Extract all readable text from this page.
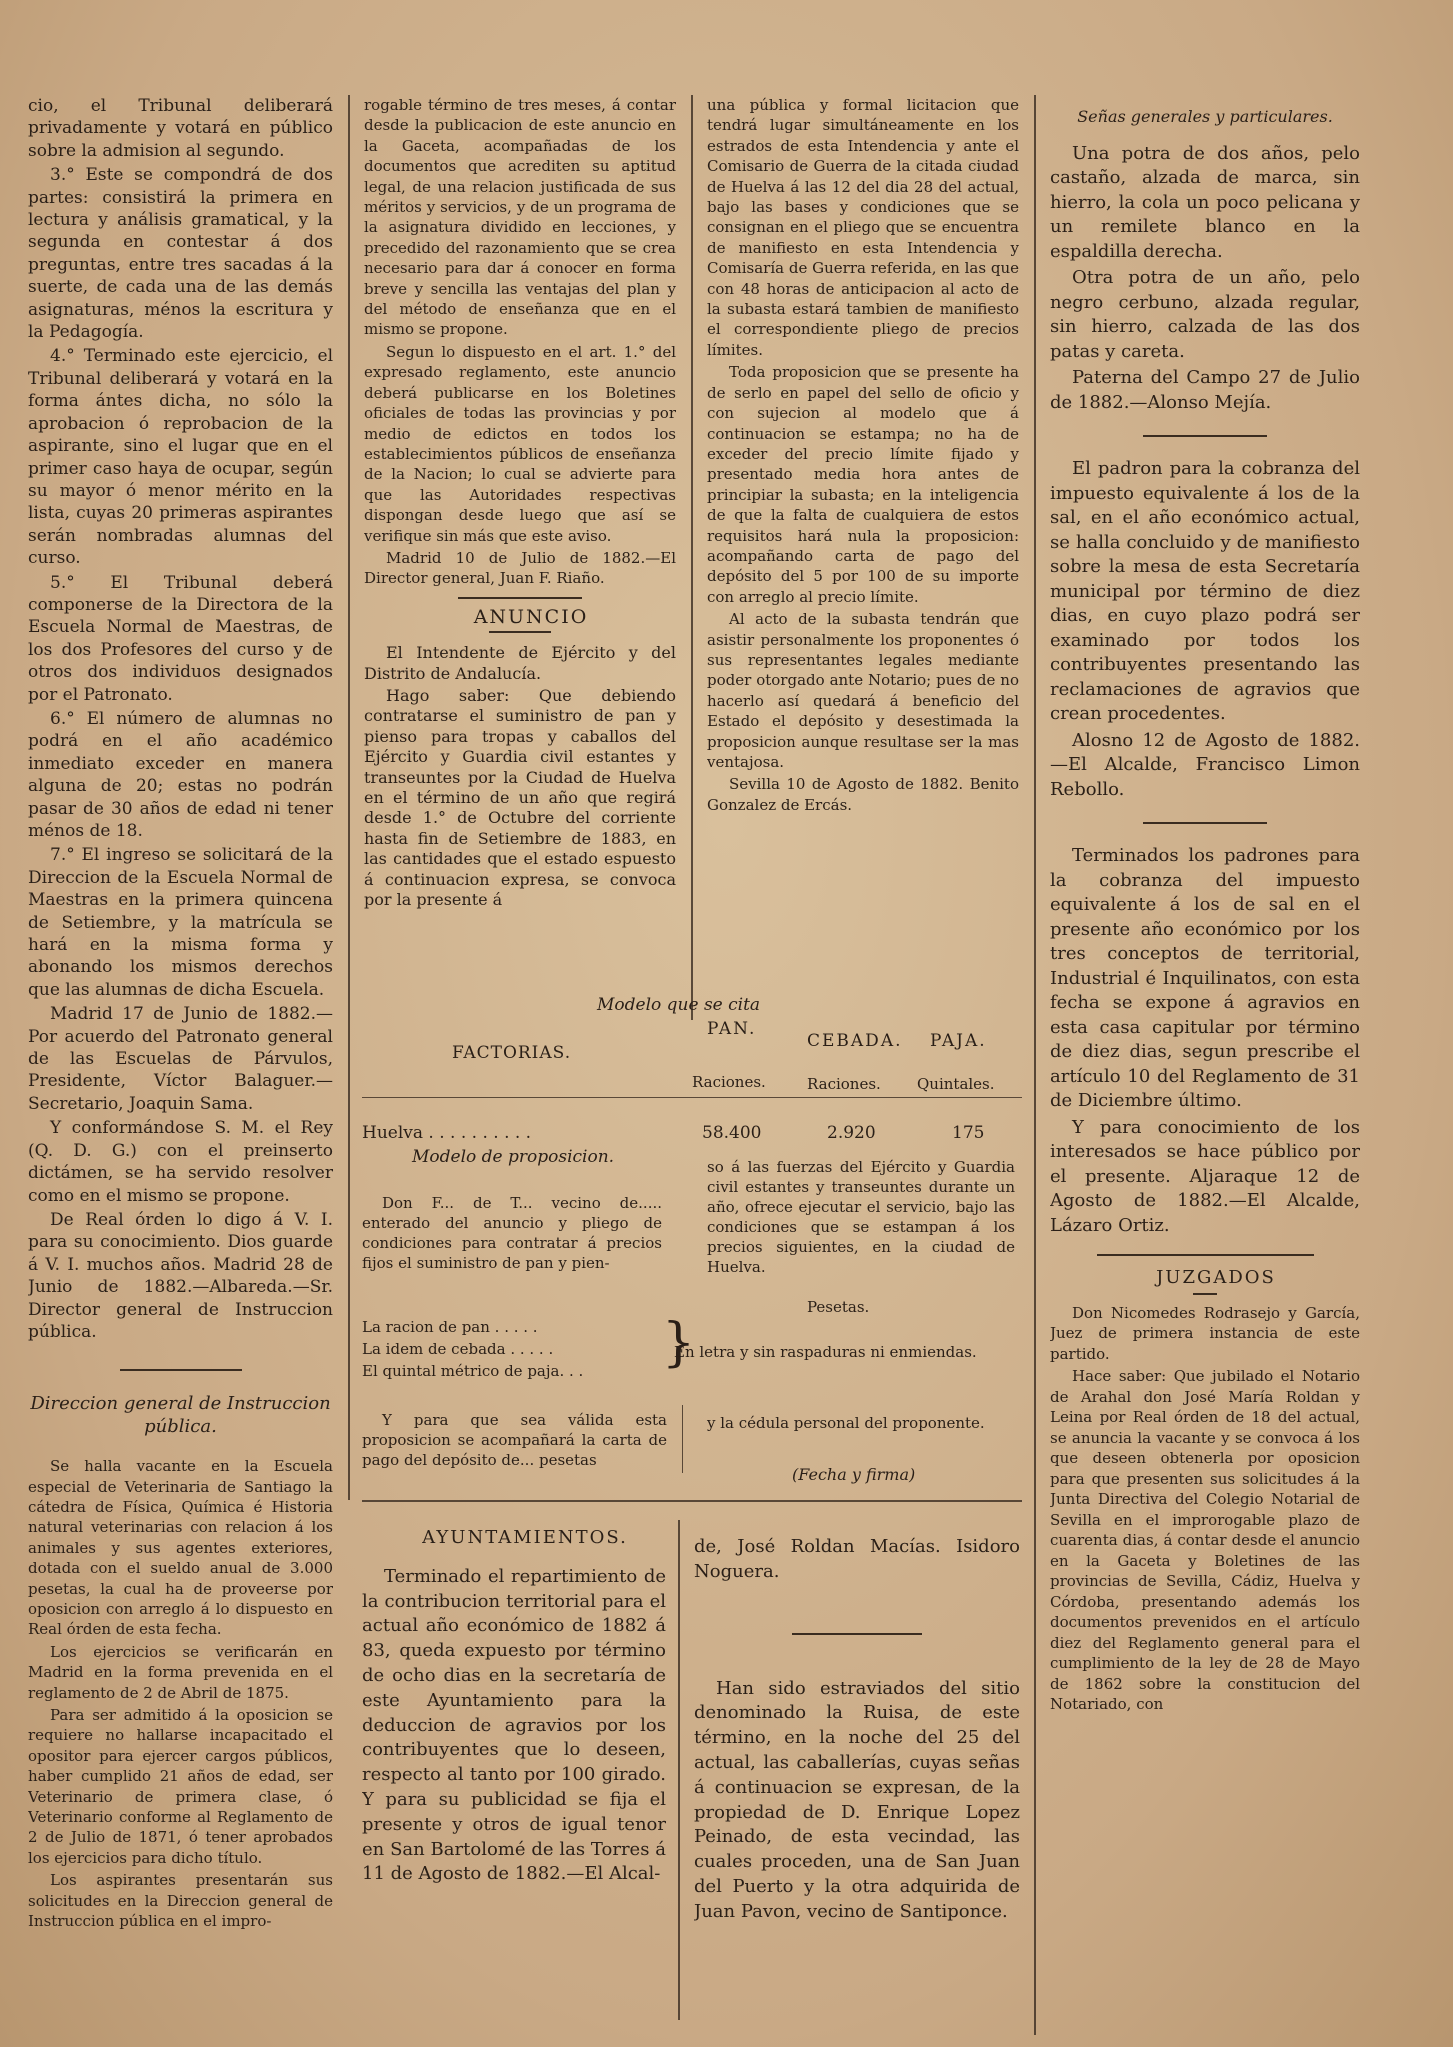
cio, el Tribunal deliberará privadamente y votará en público sobre la admision al segundo.

3.° Este se compondrá de dos partes: consistirá la primera en lectura y análisis gramatical, y la segunda en contestar á dos preguntas, entre tres sacadas á la suerte, de cada una de las demás asignaturas, ménos la escritura y la Pedagogía.

4.° Terminado este ejercicio, el Tribunal deliberará y votará en la forma ántes dicha, no sólo la aprobacion ó reprobacion de la aspirante, sino el lugar que en el primer caso haya de ocupar, según su mayor ó menor mérito en la lista, cuyas 20 primeras aspirantes serán nombradas alumnas del curso.

5.° El Tribunal deberá componerse de la Directora de la Escuela Normal de Maestras, de los dos Profesores del curso y de otros dos individuos designados por el Patronato.

6.° El número de alumnas no podrá en el año académico inmediato exceder en manera alguna de 20; estas no podrán pasar de 30 años de edad ni tener ménos de 18.

7.° El ingreso se solicitará de la Direccion de la Escuela Normal de Maestras en la primera quincena de Setiembre, y la matrícula se hará en la misma forma y abonando los mismos derechos que las alumnas de dicha Escuela.

Madrid 17 de Junio de 1882.—Por acuerdo del Patronato general de las Escuelas de Párvulos, Presidente, Víctor Balaguer.—Secretario, Joaquin Sama.

Y conformándose S. M. el Rey (Q. D. G.) con el preinserto dictámen, se ha servido resolver como en el mismo se propone.

De Real órden lo digo á V. I. para su conocimiento. Dios guarde á V. I. muchos años. Madrid 28 de Junio de 1882.—Albareda.—Sr. Director general de Instruccion pública.

Direccion general de Instruccion pública.

Se halla vacante en la Escuela especial de Veterinaria de Santiago la cátedra de Física, Química é Historia natural veterinarias con relacion á los animales y sus agentes exteriores, dotada con el sueldo anual de 3.000 pesetas, la cual ha de proveerse por oposicion con arreglo á lo dispuesto en Real órden de esta fecha.

Los ejercicios se verificarán en Madrid en la forma prevenida en el reglamento de 2 de Abril de 1875.

Para ser admitido á la oposicion se requiere no hallarse incapacitado el opositor para ejercer cargos públicos, haber cumplido 21 años de edad, ser Veterinario de primera clase, ó Veterinario conforme al Reglamento de 2 de Julio de 1871, ó tener aprobados los ejercicios para dicho título.

Los aspirantes presentarán sus solicitudes en la Direccion general de Instruccion pública en el impro-

rogable término de tres meses, á contar desde la publicacion de este anuncio en la Gaceta, acompañadas de los documentos que acrediten su aptitud legal, de una relacion justificada de sus méritos y servicios, y de un programa de la asignatura dividido en lecciones, y precedido del razonamiento que se crea necesario para dar á conocer en forma breve y sencilla las ventajas del plan y del método de enseñanza que en el mismo se propone.

Segun lo dispuesto en el art. 1.° del expresado reglamento, este anuncio deberá publicarse en los Boletines oficiales de todas las provincias y por medio de edictos en todos los establecimientos públicos de enseñanza de la Nacion; lo cual se advierte para que las Autoridades respectivas dispongan desde luego que así se verifique sin más que este aviso.

Madrid 10 de Julio de 1882.—El Director general, Juan F. Riaño.

ANUNCIO

El Intendente de Ejército y del Distrito de Andalucía.

Hago saber: Que debiendo contratarse el suministro de pan y pienso para tropas y caballos del Ejército y Guardia civil estantes y transeuntes por la Ciudad de Huelva en el término de un año que regirá desde 1.° de Octubre del corriente hasta fin de Setiembre de 1883, en las cantidades que el estado espuesto á continuacion expresa, se convoca por la presente á

una pública y formal licitacion que tendrá lugar simultáneamente en los estrados de esta Intendencia y ante el Comisario de Guerra de la citada ciudad de Huelva á las 12 del dia 28 del actual, bajo las bases y condiciones que se consignan en el pliego que se encuentra de manifiesto en esta Intendencia y Comisaría de Guerra referida, en las que con 48 horas de anticipacion al acto de la subasta estará tambien de manifiesto el correspondiente pliego de precios límites.

Toda proposicion que se presente ha de serlo en papel del sello de oficio y con sujecion al modelo que á continuacion se estampa; no ha de exceder del precio límite fijado y presentado media hora antes de principiar la subasta; en la inteligencia de que la falta de cualquiera de estos requisitos hará nula la proposicion: acompañando carta de pago del depósito del 5 por 100 de su importe con arreglo al precio límite.

Al acto de la subasta tendrán que asistir personalmente los proponentes ó sus representantes legales mediante poder otorgado ante Notario; pues de no hacerlo así quedará á beneficio del Estado el depósito y desestimada la proposicion aunque resultase ser la mas ventajosa.

Sevilla 10 de Agosto de 1882. Benito Gonzalez de Ercás.

Modelo que se cita
FACTORIAS.
PAN.
CEBADA. PAJA.
Raciones.	Raciones. Quintales.
Huelva . . . . . . . . . .	58.400	2.920	175
Modelo de proposicion.
Don F... de T... vecino de..... enterado del anuncio y pliego de condiciones para contratar á precios fijos el suministro de pan y pien-
so á las fuerzas del Ejército y Guardia civil estantes y transeuntes durante un año, ofrece ejecutar el servicio, bajo las condiciones que se estampan á los precios siguientes, en la ciudad de Huelva.
Pesetas.
La racion de pan . . . . .
La idem de cebada . . . . .
El quintal métrico de paja. . . }
En letra y sin raspaduras ni enmiendas.
Y para que sea válida esta proposicion se acompañará la carta de pago del depósito de... pesetas
y la cédula personal del proponente.
(Fecha y firma)

AYUNTAMIENTOS.

Terminado el repartimiento de la contribucion territorial para el actual año económico de 1882 á 83, queda expuesto por término de ocho dias en la secretaría de este Ayuntamiento para la deduccion de agravios por los contribuyentes que lo deseen, respecto al tanto por 100 girado. Y para su publicidad se fija el presente y otros de igual tenor en San Bartolomé de las Torres á 11 de Agosto de 1882.—El Alcal-

de, José Roldan Macías. Isidoro Noguera.

Han sido estraviados del sitio denominado la Ruisa, de este término, en la noche del 25 del actual, las caballerías, cuyas señas á continuacion se expresan, de la propiedad de D. Enrique Lopez Peinado, de esta vecindad, las cuales proceden, una de San Juan del Puerto y la otra adquirida de Juan Pavon, vecino de Santiponce.

Señas generales y particulares.

Una potra de dos años, pelo castaño, alzada de marca, sin hierro, la cola un poco pelicana y un remilete blanco en la espaldilla derecha.

Otra potra de un año, pelo negro cerbuno, alzada regular, sin hierro, calzada de las dos patas y careta.

Paterna del Campo 27 de Julio de 1882.—Alonso Mejía.

El padron para la cobranza del impuesto equivalente á los de la sal, en el año económico actual, se halla concluido y de manifiesto sobre la mesa de esta Secretaría municipal por término de diez dias, en cuyo plazo podrá ser examinado por todos los contribuyentes presentando las reclamaciones de agravios que crean procedentes.

Alosno 12 de Agosto de 1882.—El Alcalde, Francisco Limon Rebollo.

Terminados los padrones para la cobranza del impuesto equivalente á los de sal en el presente año económico por los tres conceptos de territorial, Industrial é Inquilinatos, con esta fecha se expone á agravios en esta casa capitular por término de diez dias, segun prescribe el artículo 10 del Reglamento de 31 de Diciembre último.

Y para conocimiento de los interesados se hace público por el presente. Aljaraque 12 de Agosto de 1882.—El Alcalde, Lázaro Ortiz.

JUZGADOS

Don Nicomedes Rodrasejo y García, Juez de primera instancia de este partido.

Hace saber: Que jubilado el Notario de Arahal don José María Roldan y Leina por Real órden de 18 del actual, se anuncia la vacante y se convoca á los que deseen obtenerla por oposicion para que presenten sus solicitudes á la Junta Directiva del Colegio Notarial de Sevilla en el improrogable plazo de cuarenta dias, á contar desde el anuncio en la Gaceta y Boletines de las provincias de Sevilla, Cádiz, Huelva y Córdoba, presentando además los documentos prevenidos en el artículo diez del Reglamento general para el cumplimiento de la ley de 28 de Mayo de 1862 sobre la constitucion del Notariado, con
